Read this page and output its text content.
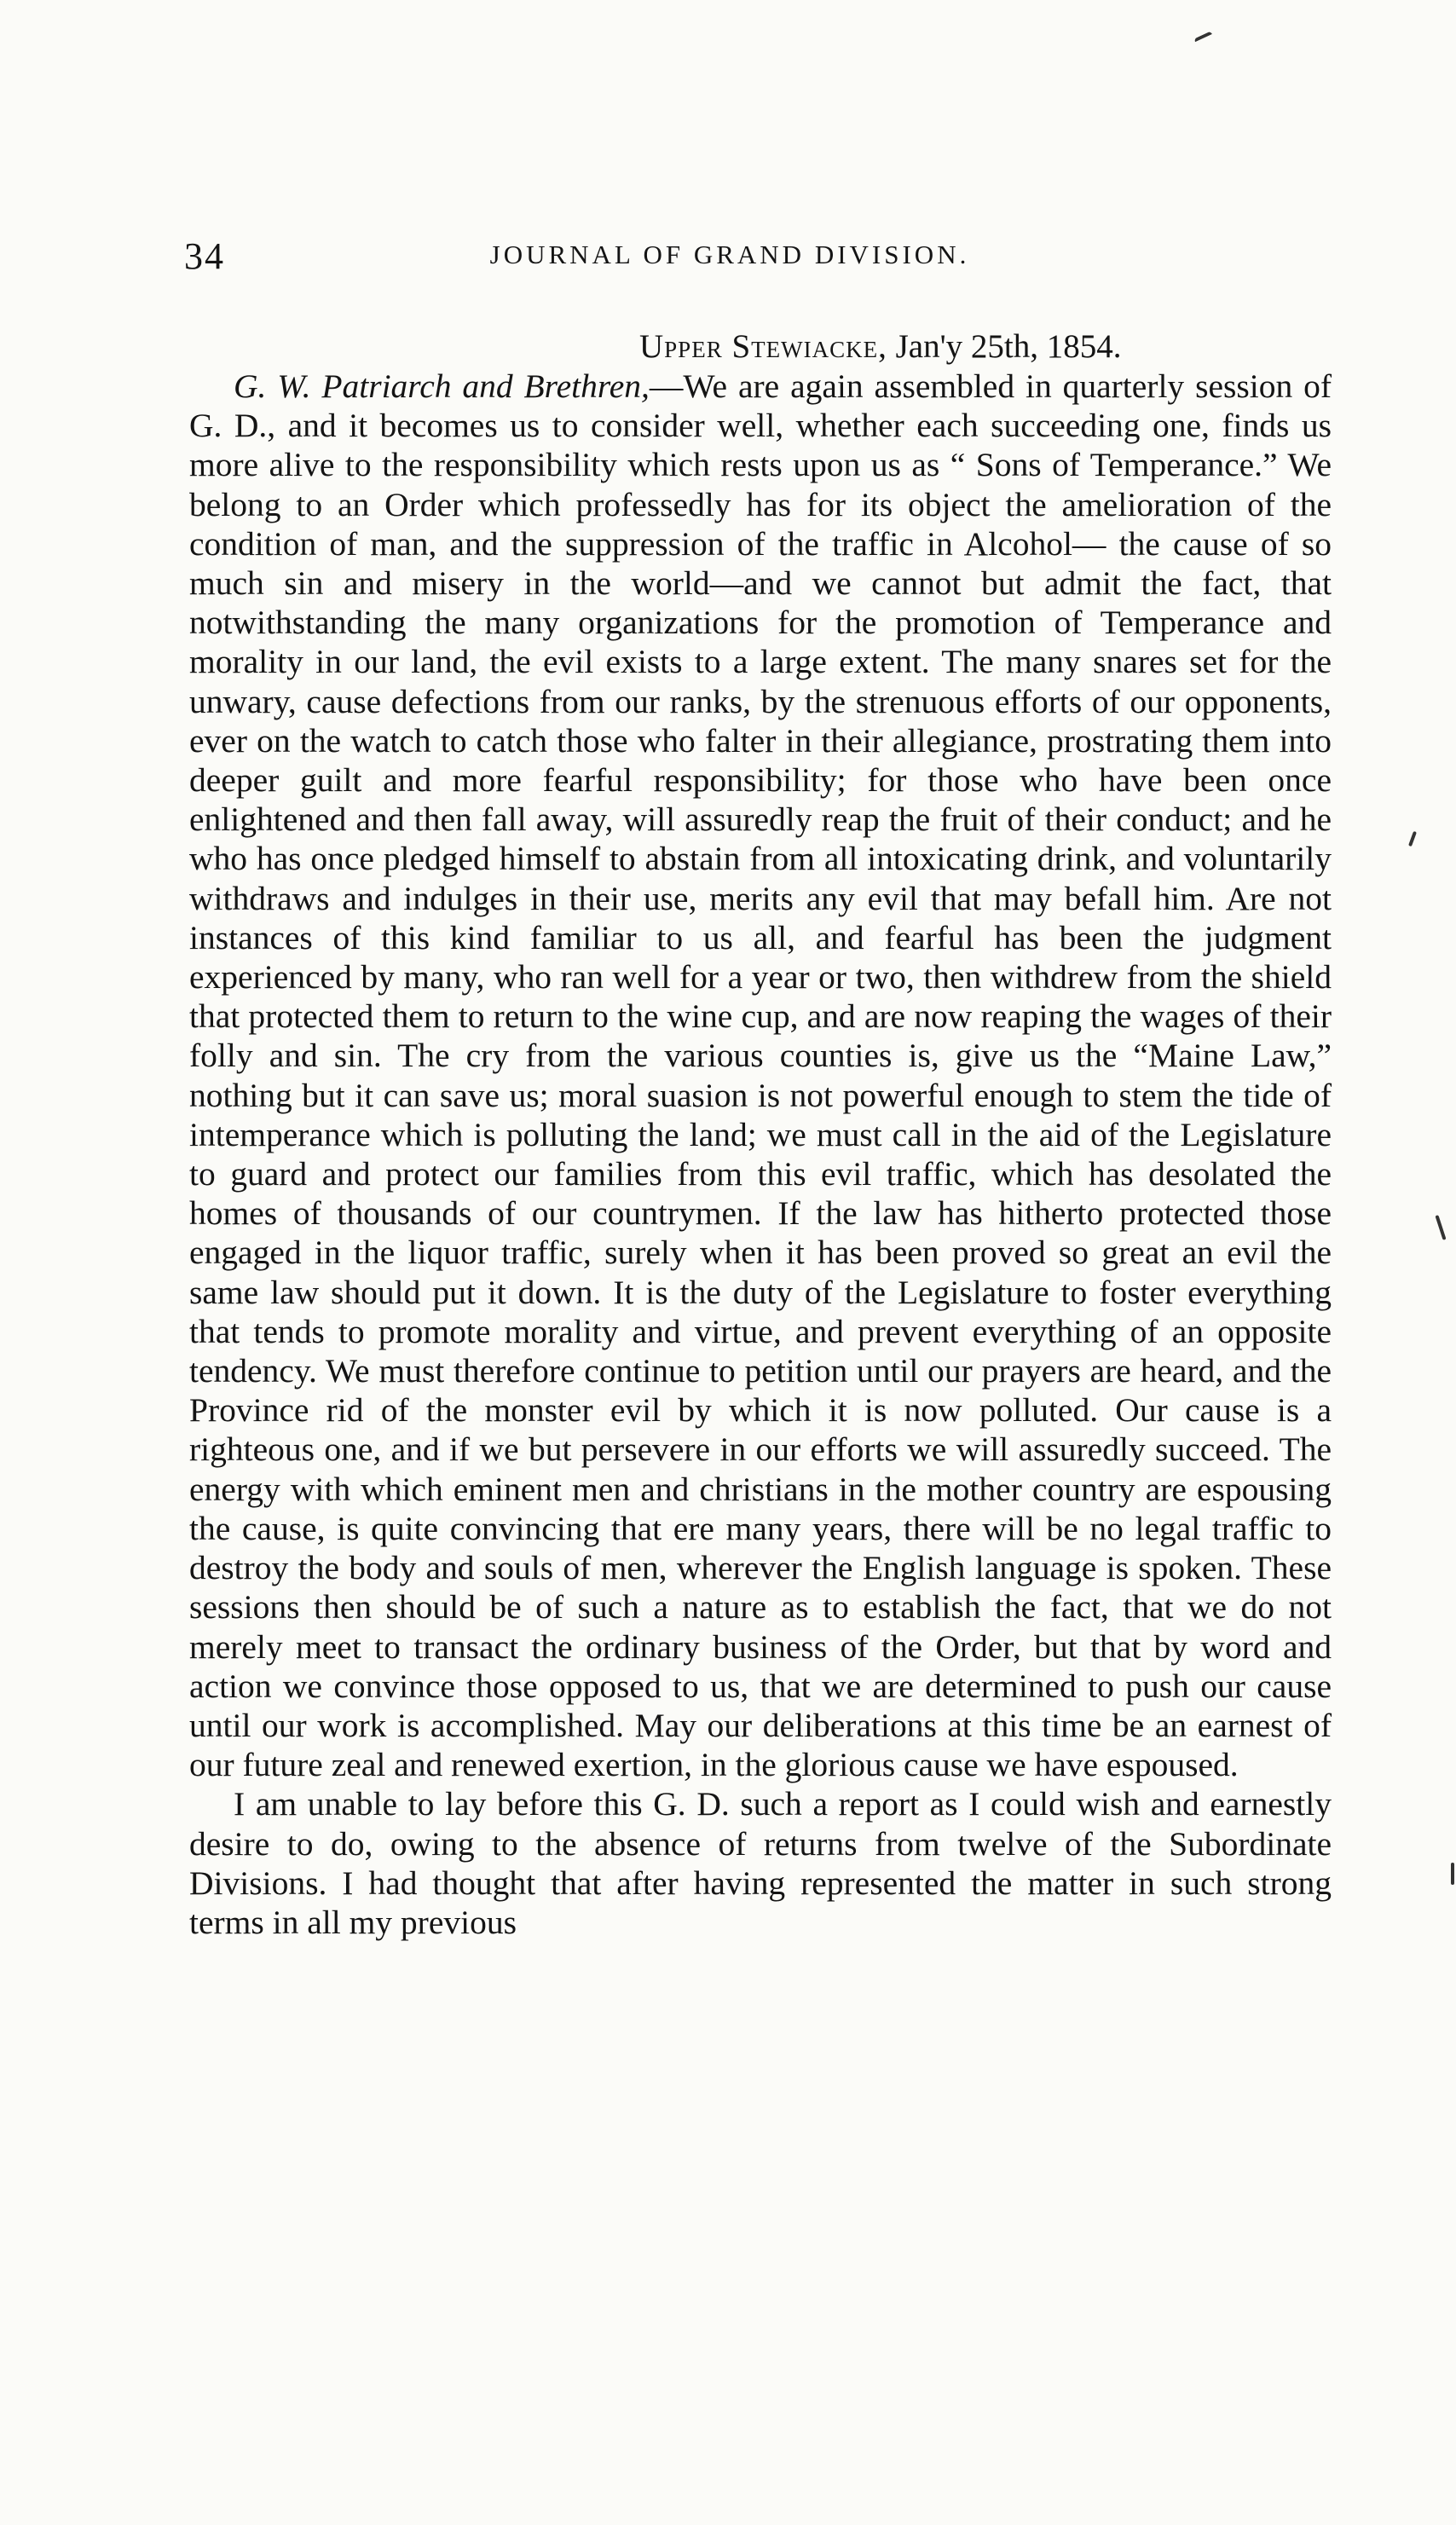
34	JOURNAL OF GRAND DIVISION.
Upper Stewiacke, Jan'y 25th, 1854.

G. W. Patriarch and Brethren,—We are again assembled in quarterly session of G. D., and it becomes us to consider well, whether each succeeding one, finds us more alive to the responsibility which rests upon us as “ Sons of Temperance.” We belong to an Order which professedly has for its object the amelioration of the condition of man, and the suppression of the traffic in Alcohol— the cause of so much sin and misery in the world—and we cannot but admit the fact, that notwithstanding the many organizations for the promotion of Temperance and morality in our land, the evil exists to a large extent. The many snares set for the unwary, cause defections from our ranks, by the strenuous efforts of our opponents, ever on the watch to catch those who falter in their allegiance, prostrating them into deeper guilt and more fearful responsibility; for those who have been once enlightened and then fall away, will assuredly reap the fruit of their conduct; and he who has once pledged himself to abstain from all intoxicating drink, and voluntarily withdraws and indulges in their use, merits any evil that may befall him. Are not instances of this kind familiar to us all, and fearful has been the judgment experienced by many, who ran well for a year or two, then withdrew from the shield that protected them to return to the wine cup, and are now reaping the wages of their folly and sin. The cry from the various counties is, give us the “Maine Law,” nothing but it can save us; moral suasion is not powerful enough to stem the tide of intemperance which is polluting the land; we must call in the aid of the Legislature to guard and protect our families from this evil traffic, which has desolated the homes of thousands of our countrymen. If the law has hitherto protected those engaged in the liquor traffic, surely when it has been proved so great an evil the same law should put it down. It is the duty of the Legislature to foster everything that tends to promote morality and virtue, and prevent everything of an opposite tendency. We must therefore continue to petition until our prayers are heard, and the Province rid of the monster evil by which it is now polluted. Our cause is a righteous one, and if we but persevere in our efforts we will assuredly succeed. The energy with which eminent men and christians in the mother country are espousing the cause, is quite convincing that ere many years, there will be no legal traffic to destroy the body and souls of men, wherever the English language is spoken. These sessions then should be of such a nature as to establish the fact, that we do not merely meet to transact the ordinary business of the Order, but that by word and action we convince those opposed to us, that we are determined to push our cause until our work is accomplished. May our deliberations at this time be an earnest of our future zeal and renewed exertion, in the glorious cause we have espoused.

I am unable to lay before this G. D. such a report as I could wish and earnestly desire to do, owing to the absence of returns from twelve of the Subordinate Divisions. I had thought that after having represented the matter in such strong terms in all my previous
